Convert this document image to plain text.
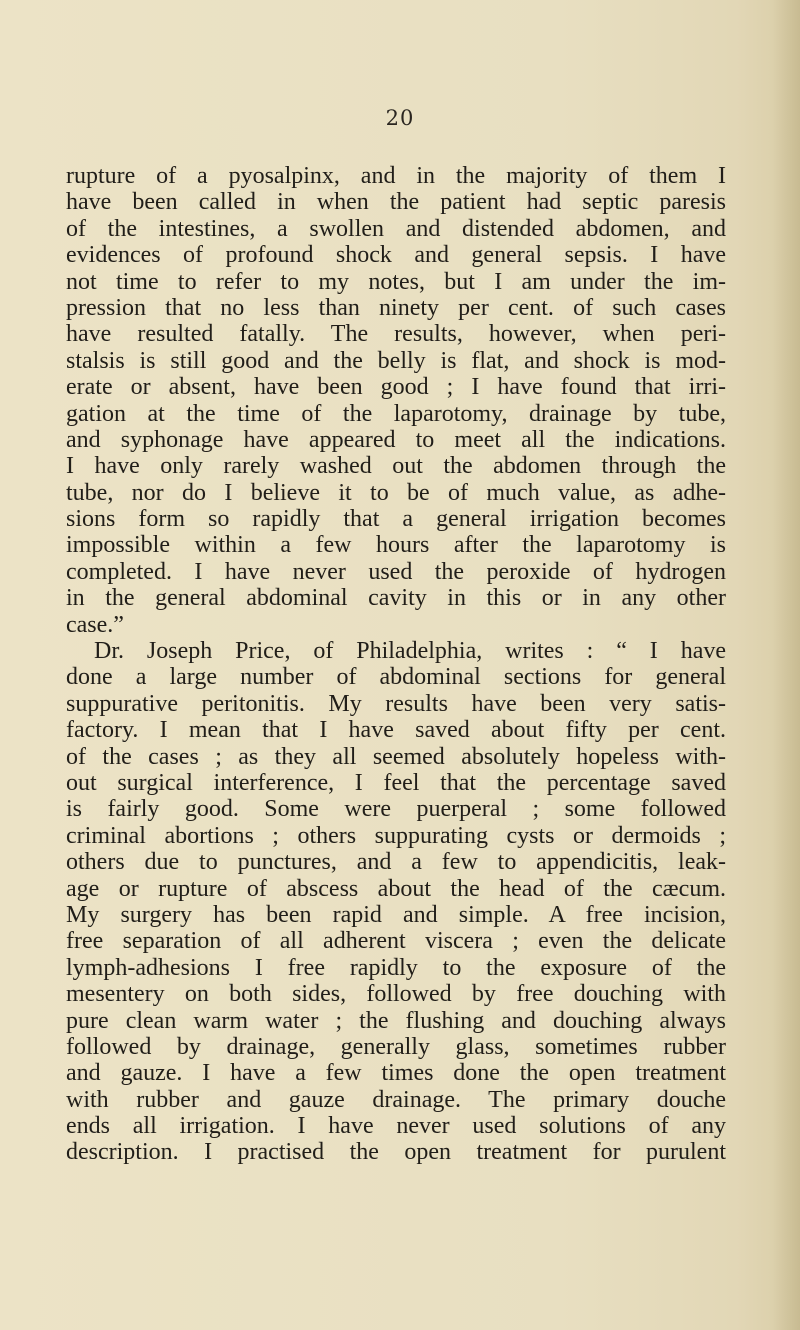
20
rupture of a pyosalpinx, and in the majority of them I
have been called in when the patient had septic paresis
of the intestines, a swollen and distended abdomen, and
evidences of profound shock and general sepsis. I have
not time to refer to my notes, but I am under the im-
pression that no less than ninety per cent. of such cases
have resulted fatally. The results, however, when peri-
stalsis is still good and the belly is flat, and shock is mod-
erate or absent, have been good ; I have found that irri-
gation at the time of the laparotomy, drainage by tube,
and syphonage have appeared to meet all the indications.
I have only rarely washed out the abdomen through the
tube, nor do I believe it to be of much value, as adhe-
sions form so rapidly that a general irrigation becomes
impossible within a few hours after the laparotomy is
completed. I have never used the peroxide of hydrogen
in the general abdominal cavity in this or in any other
case.”
Dr. Joseph Price, of Philadelphia, writes : “ I have
done a large number of abdominal sections for general
suppurative peritonitis. My results have been very satis-
factory. I mean that I have saved about fifty per cent.
of the cases ; as they all seemed absolutely hopeless with-
out surgical interference, I feel that the percentage saved
is fairly good. Some were puerperal ; some followed
criminal abortions ; others suppurating cysts or dermoids ;
others due to punctures, and a few to appendicitis, leak-
age or rupture of abscess about the head of the cæcum.
My surgery has been rapid and simple. A free incision,
free separation of all adherent viscera ; even the delicate
lymph-adhesions I free rapidly to the exposure of the
mesentery on both sides, followed by free douching with
pure clean warm water ; the flushing and douching always
followed by drainage, generally glass, sometimes rubber
and gauze. I have a few times done the open treatment
with rubber and gauze drainage. The primary douche
ends all irrigation. I have never used solutions of any
description. I practised the open treatment for purulent
